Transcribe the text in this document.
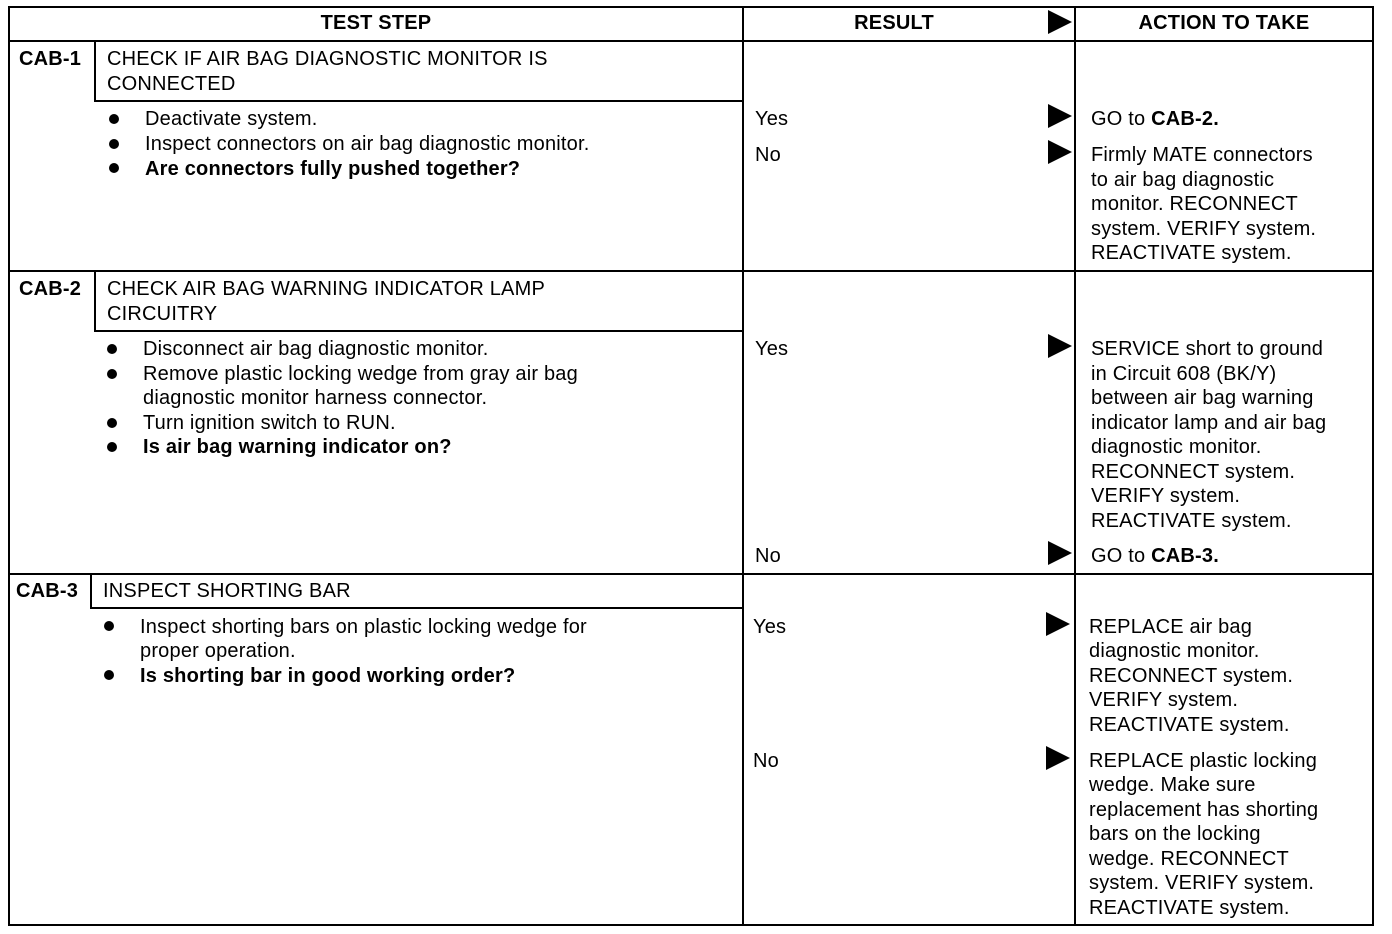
TEST STEP	RESULT	ACTION TO TAKE
CAB-1 CHECK IF AIR BAG DIAGNOSTIC MONITOR IS
CONNECTED
Deactivate system.
Inspect connectors on air bag diagnostic monitor.
Are connectors fully pushed together?
Yes	GO to CAB-2.
No	Firmly MATE connectors
to air bag diagnostic
monitor. RECONNECT
system. VERIFY system.
REACTIVATE system.
CAB-2 CHECK AIR BAG WARNING INDICATOR LAMP
CIRCUITRY
Disconnect air bag diagnostic monitor.
Remove plastic locking wedge from gray air bag
diagnostic monitor harness connector.
Turn ignition switch to RUN.
Is air bag warning indicator on?
Yes	SERVICE short to ground
in Circuit 608 (BK/Y)
between air bag warning
indicator lamp and air bag
diagnostic monitor.
RECONNECT system.
VERIFY system.
REACTIVATE system.
No	GO to CAB-3.
CAB-3 INSPECT SHORTING BAR
Inspect shorting bars on plastic locking wedge for
proper operation.
Is shorting bar in good working order?
Yes	REPLACE air bag
diagnostic monitor.
RECONNECT system.
VERIFY system.
REACTIVATE system.
No	REPLACE plastic locking
wedge. Make sure
replacement has shorting
bars on the locking
wedge. RECONNECT
system. VERIFY system.
REACTIVATE system.
